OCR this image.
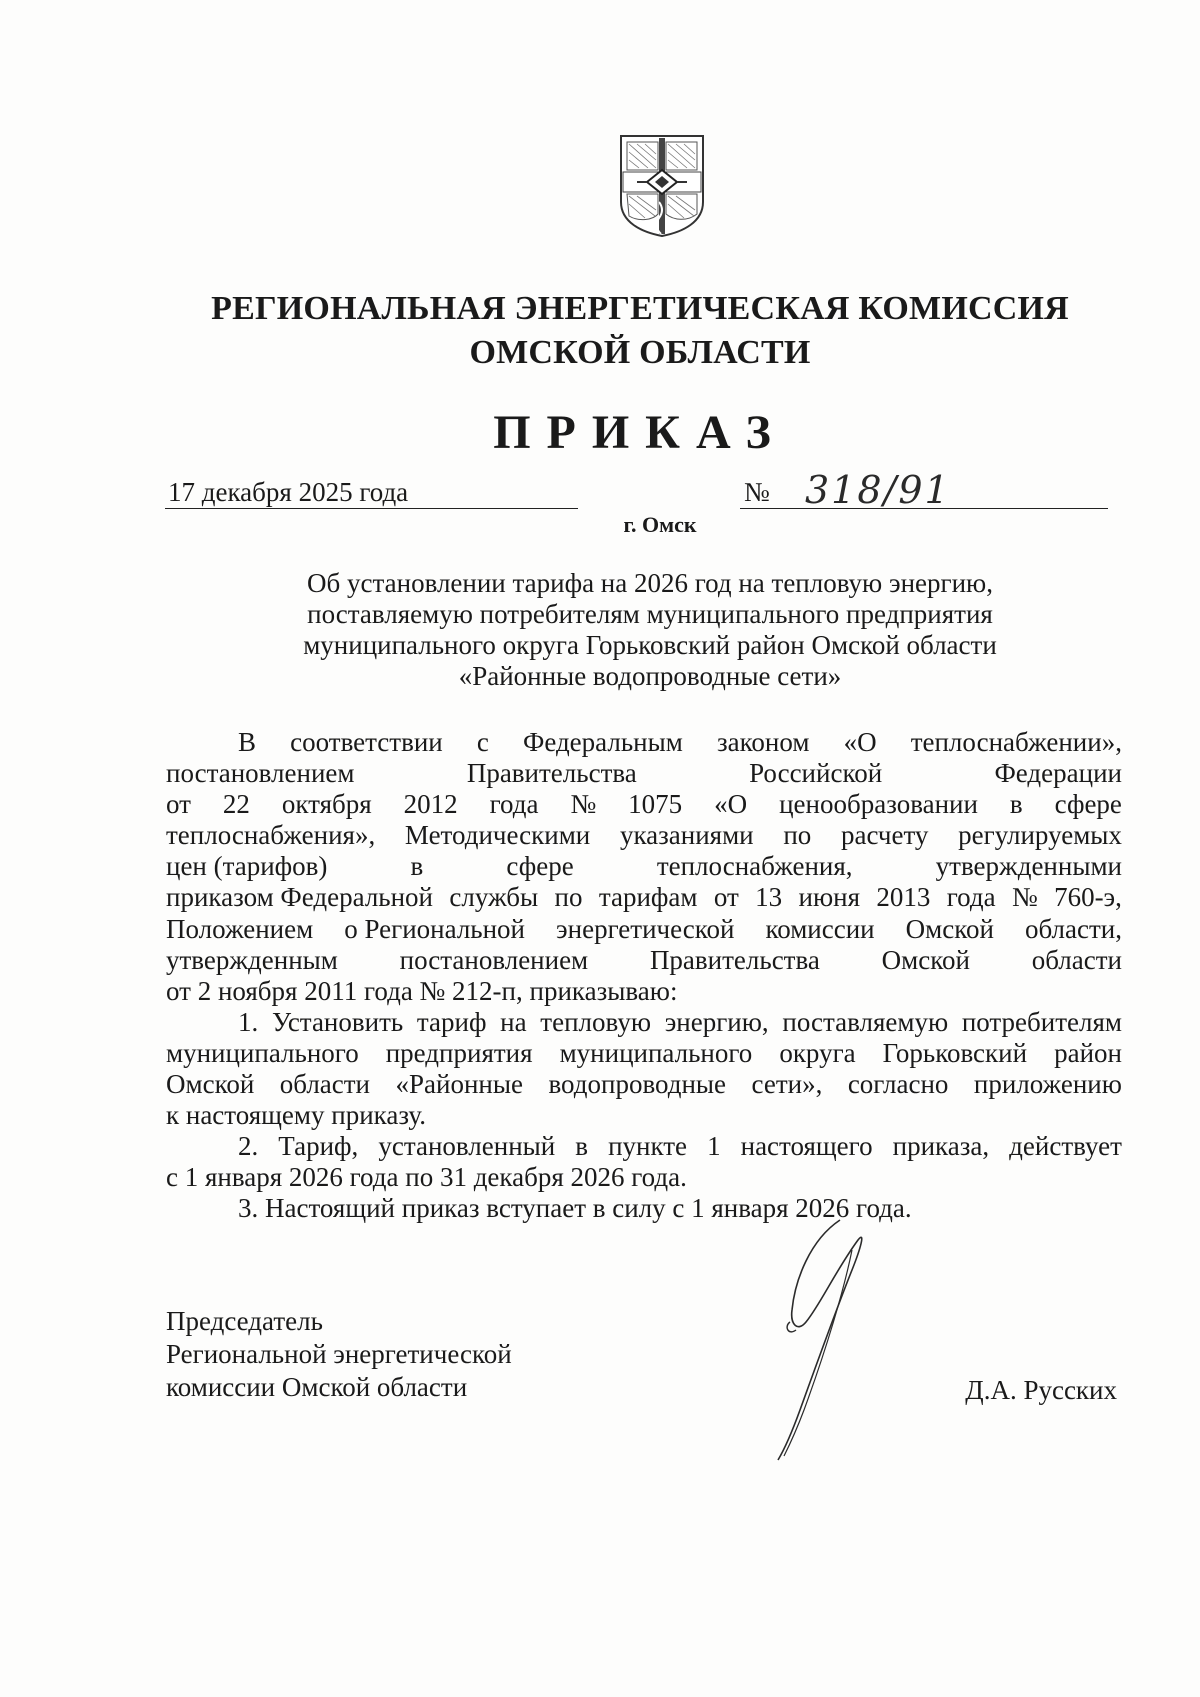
РЕГИОНАЛЬНАЯ ЭНЕРГЕТИЧЕСКАЯ КОМИССИЯ
ОМСКОЙ ОБЛАСТИ
ПРИКАЗ
17 декабря 2025 года	№ 318/91
г. Омск
Об установлении тарифа на 2026 год на тепловую энергию,
поставляемую потребителям муниципального предприятия
муниципального округа Горьковский район Омской области
«Районные водопроводные сети»
В соответствии с Федеральным законом «О теплоснабжении»,
постановлением	Правительства	Российской	Федерации
от 22 октября 2012 года № 1075 «О ценообразовании в сфере
теплоснабжения», Методическими указаниями по расчету регулируемых
цен (тарифов)	в	сфере	теплоснабжения,	утвержденными
приказом Федеральной службы по тарифам от 13 июня 2013 года № 760-э,
Положением о Региональной энергетической комиссии Омской области,
утвержденным постановлением Правительства Омской области
от 2 ноября 2011 года № 212-п, приказываю:
1. Установить тариф на тепловую энергию, поставляемую потребителям
муниципального предприятия муниципального округа Горьковский район
Омской области «Районные водопроводные сети», согласно приложению
к настоящему приказу.
2. Тариф, установленный в пункте 1 настоящего приказа, действует
с 1 января 2026 года по 31 декабря 2026 года.
3. Настоящий приказ вступает в силу с 1 января 2026 года.
Председатель
Региональной энергетической
комиссии Омской области	Д.А. Русских
